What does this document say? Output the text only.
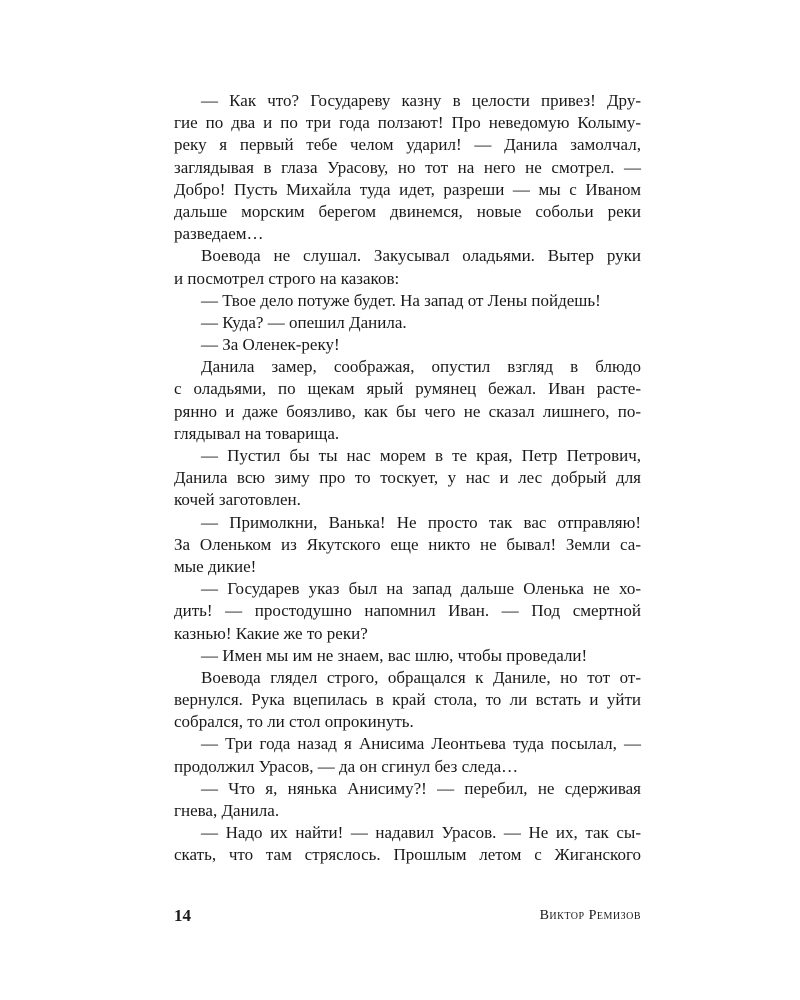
— Как что? Государеву казну в целости привез! Дру-
гие по два и по три года ползают! Про неведомую Колыму-
реку я первый тебе челом ударил! — Данила замолчал,
заглядывая в глаза Урасову, но тот на него не смотрел. —
Добро! Пусть Михайла туда идет, разреши — мы с Иваном
дальше морским берегом двинемся, новые собольи реки
разведаем…
Воевода не слушал. Закусывал оладьями. Вытер руки
и посмотрел строго на казаков:
— Твое дело потуже будет. На запад от Лены пойдешь!
— Куда? — опешил Данила.
— За Оленек-реку!
Данила замер, соображая, опустил взгляд в блюдо
с оладьями, по щекам ярый румянец бежал. Иван расте-
рянно и даже боязливо, как бы чего не сказал лишнего, по-
глядывал на товарища.
— Пустил бы ты нас морем в те края, Петр Петрович,
Данила всю зиму про то тоскует, у нас и лес добрый для
кочей заготовлен.
— Примолкни, Ванька! Не просто так вас отправляю!
За Оленьком из Якутского еще никто не бывал! Земли са-
мые дикие!
— Государев указ был на запад дальше Оленька не хо-
дить! — простодушно напомнил Иван. — Под смертной
казнью! Какие же то реки?
— Имен мы им не знаем, вас шлю, чтобы проведали!
Воевода глядел строго, обращался к Даниле, но тот от-
вернулся. Рука вцепилась в край стола, то ли встать и уйти
собрался, то ли стол опрокинуть.
— Три года назад я Анисима Леонтьева туда посылал, —
продолжил Урасов, — да он сгинул без следа…
— Что я, нянька Анисиму?! — перебил, не сдерживая
гнева, Данила.
— Надо их найти! — надавил Урасов. — Не их, так сы-
скать, что там стряслось. Прошлым летом с Жиганского
14	Виктор Ремизов
